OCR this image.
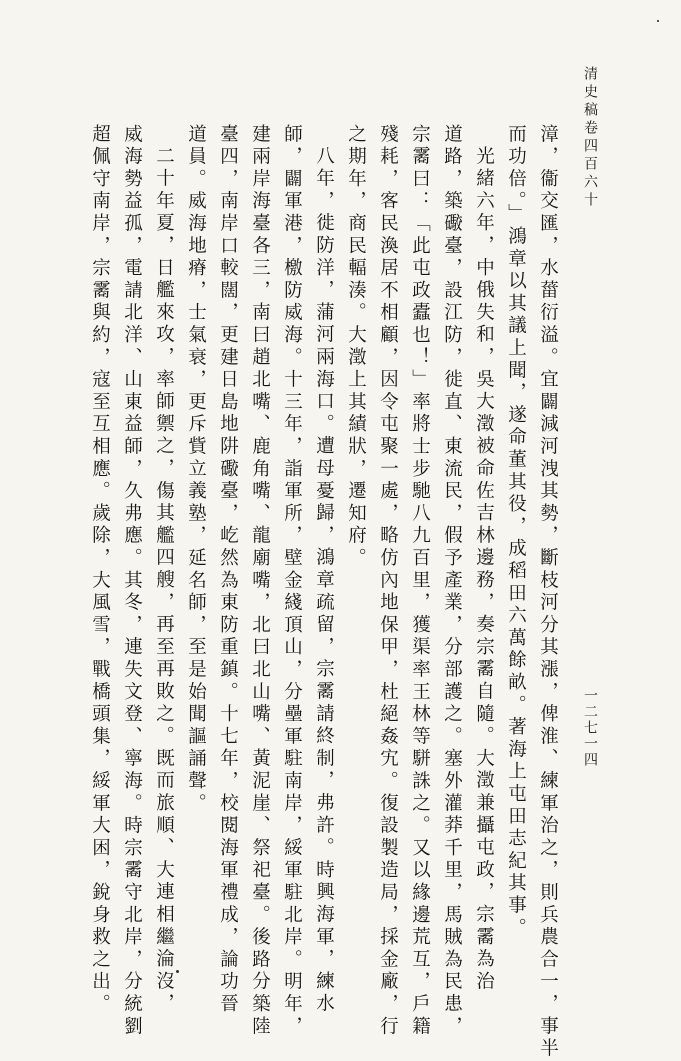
清史稿卷四百六十
一二七一四
漳，衞交匯，水葘衍溢。宜闢減河洩其勢，斷枝河分其漲，俾淮、練軍治之，則兵農合一，事半
而功倍。」鴻章以其議上聞，遂命董其役，成稻田六萬餘畝。著海上屯田志紀其事。
光緒六年，中俄失和，吳大澂被命佐吉林邊務，奏宗霱自隨。大澂兼攝屯政，宗霱為治
道路，築礮臺，設江防，徙直、東流民，假予產業，分部護之。塞外灌莽千里，馬賊為民患，
宗霱曰：「此屯政蠹也！」率將士步馳八九百里，獲渠率王林等駢誅之。又以緣邊荒互，戶籍
殘耗，客民渙居不相顧，因令屯聚一處，略仿內地保甲，杜絕姦宄。復設製造局，採金廠，行
之期年，商民輻湊。大澂上其績狀，遷知府。
八年，徙防洋，蒲河兩海口。遭母憂歸，鴻章疏留，宗霱請終制，弗許。時興海軍，練水
師，闢軍港，檄防威海。十三年，詣軍所，壁金綫頂山，分壘軍駐南岸，綏軍駐北岸。明年，
建兩岸海臺各三，南曰趙北嘴、鹿角嘴、龍廟嘴，北曰北山嘴、黃泥崖、祭祀臺。後路分築陸
臺四，南岸口較闊，更建日島地阱礮臺，屹然為東防重鎮。十七年，校閱海軍禮成，論功晉
道員。威海地瘠，士氣衰，更斥貲立義塾，延名師，至是始聞謳誦聲。
二十年夏，日艦來攻，率師禦之，傷其艦四艘，再至再敗之。既而旅順、大連相繼淪沒，
威海勢益孤，電請北洋、山東益師，久弗應。其冬，連失文登、寧海。時宗霱守北岸，分統劉
超佩守南岸，宗霱與約，寇至互相應。歲除，大風雪，戰橋頭集，綏軍大困，銳身救之出。
